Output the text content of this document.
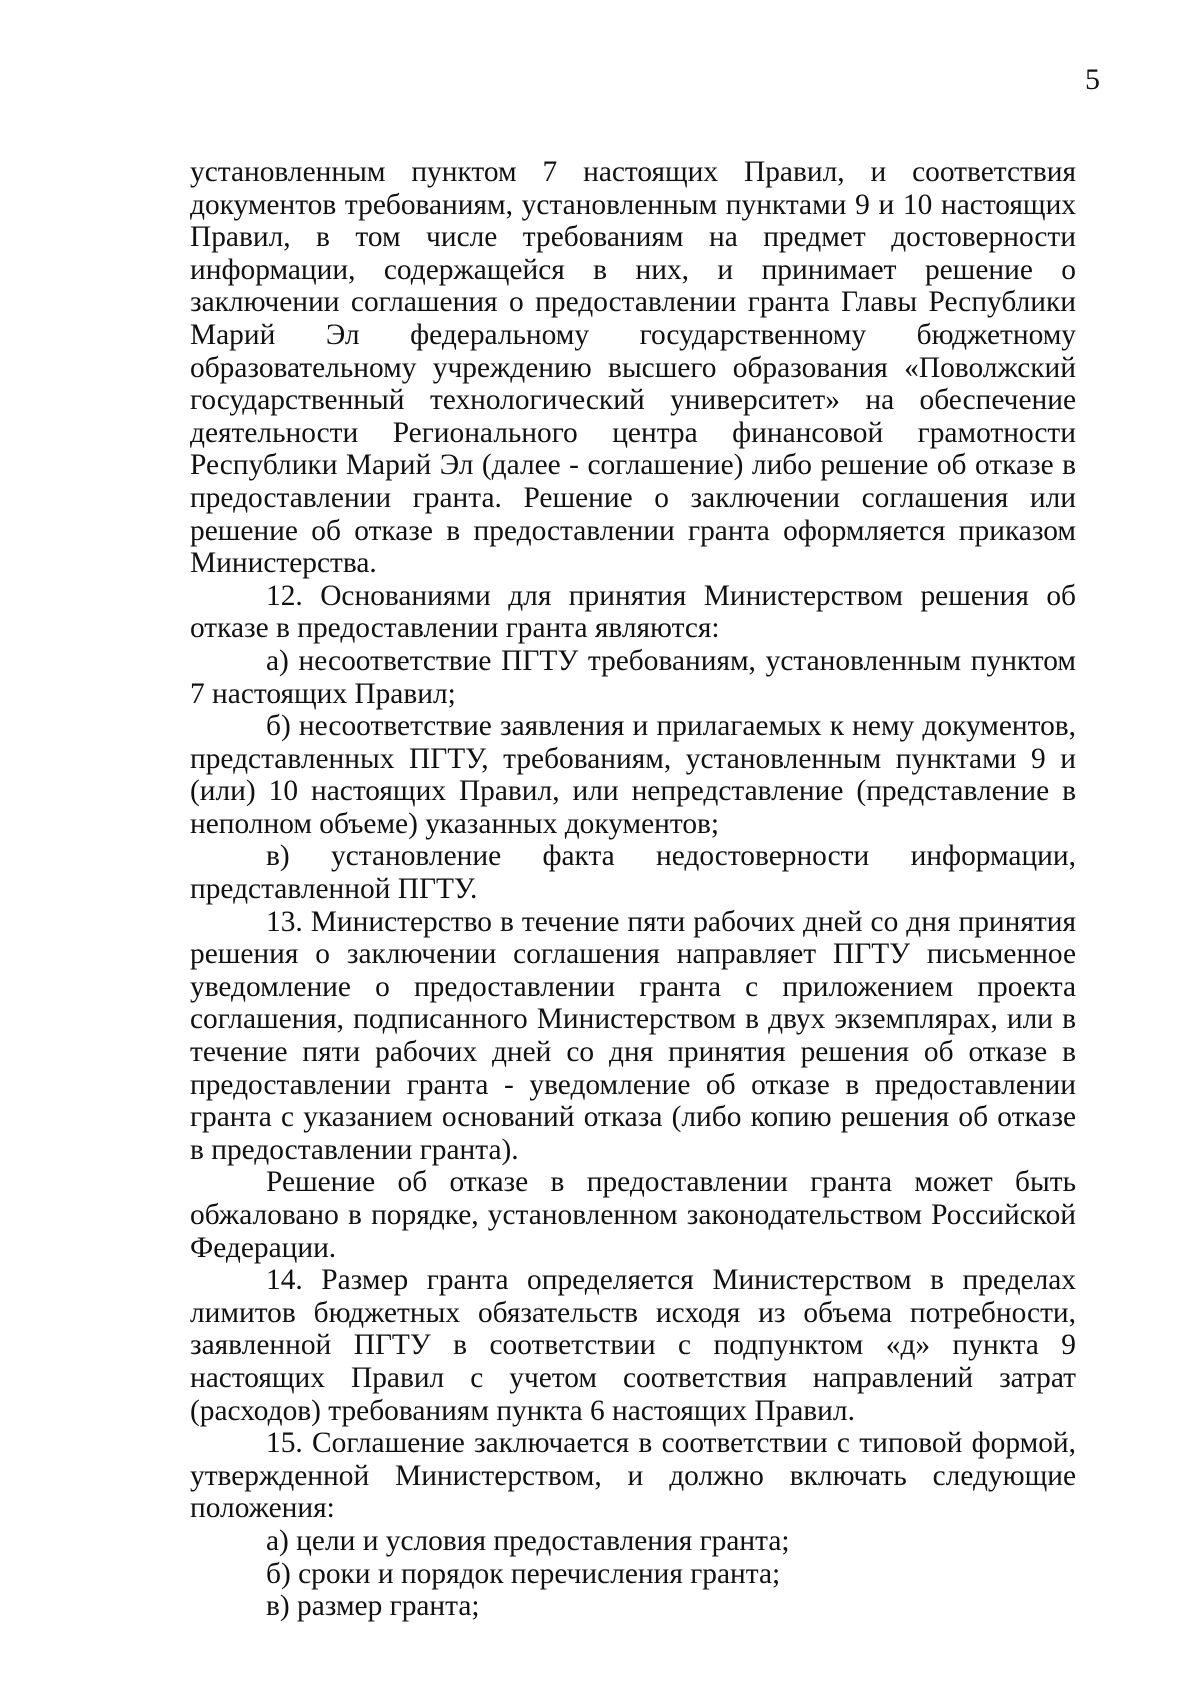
5

установленным пунктом 7 настоящих Правил, и соответствия документов требованиям, установленным пунктами 9 и 10 настоящих Правил, в том числе требованиям на предмет достоверности информации, содержащейся в них, и принимает решение о заключении соглашения о предоставлении гранта Главы Республики Марий Эл федеральному государственному бюджетному образовательному учреждению высшего образования «Поволжский государственный технологический университет» на обеспечение деятельности Регионального центра финансовой грамотности Республики Марий Эл (далее - соглашение) либо решение об отказе в предоставлении гранта. Решение о заключении соглашения или решение об отказе в предоставлении гранта оформляется приказом Министерства.

12. Основаниями для принятия Министерством решения об отказе в предоставлении гранта являются:

а) несоответствие ПГТУ требованиям, установленным пунктом 7 настоящих Правил;

б) несоответствие заявления и прилагаемых к нему документов, представленных ПГТУ, требованиям, установленным пунктами 9 и (или) 10 настоящих Правил, или непредставление (представление в неполном объеме) указанных документов;

в) установление факта недостоверности информации, представленной ПГТУ.

13. Министерство в течение пяти рабочих дней со дня принятия решения о заключении соглашения направляет ПГТУ письменное уведомление о предоставлении гранта с приложением проекта соглашения, подписанного Министерством в двух экземплярах, или в течение пяти рабочих дней со дня принятия решения об отказе в предоставлении гранта - уведомление об отказе в предоставлении гранта с указанием оснований отказа (либо копию решения об отказе в предоставлении гранта).

Решение об отказе в предоставлении гранта может быть обжаловано в порядке, установленном законодательством Российской Федерации.

14. Размер гранта определяется Министерством в пределах лимитов бюджетных обязательств исходя из объема потребности, заявленной ПГТУ в соответствии с подпунктом «д» пункта 9 настоящих Правил с учетом соответствия направлений затрат (расходов) требованиям пункта 6 настоящих Правил.

15. Соглашение заключается в соответствии с типовой формой, утвержденной Министерством, и должно включать следующие положения:

а) цели и условия предоставления гранта;

б) сроки и порядок перечисления гранта;

в) размер гранта;
